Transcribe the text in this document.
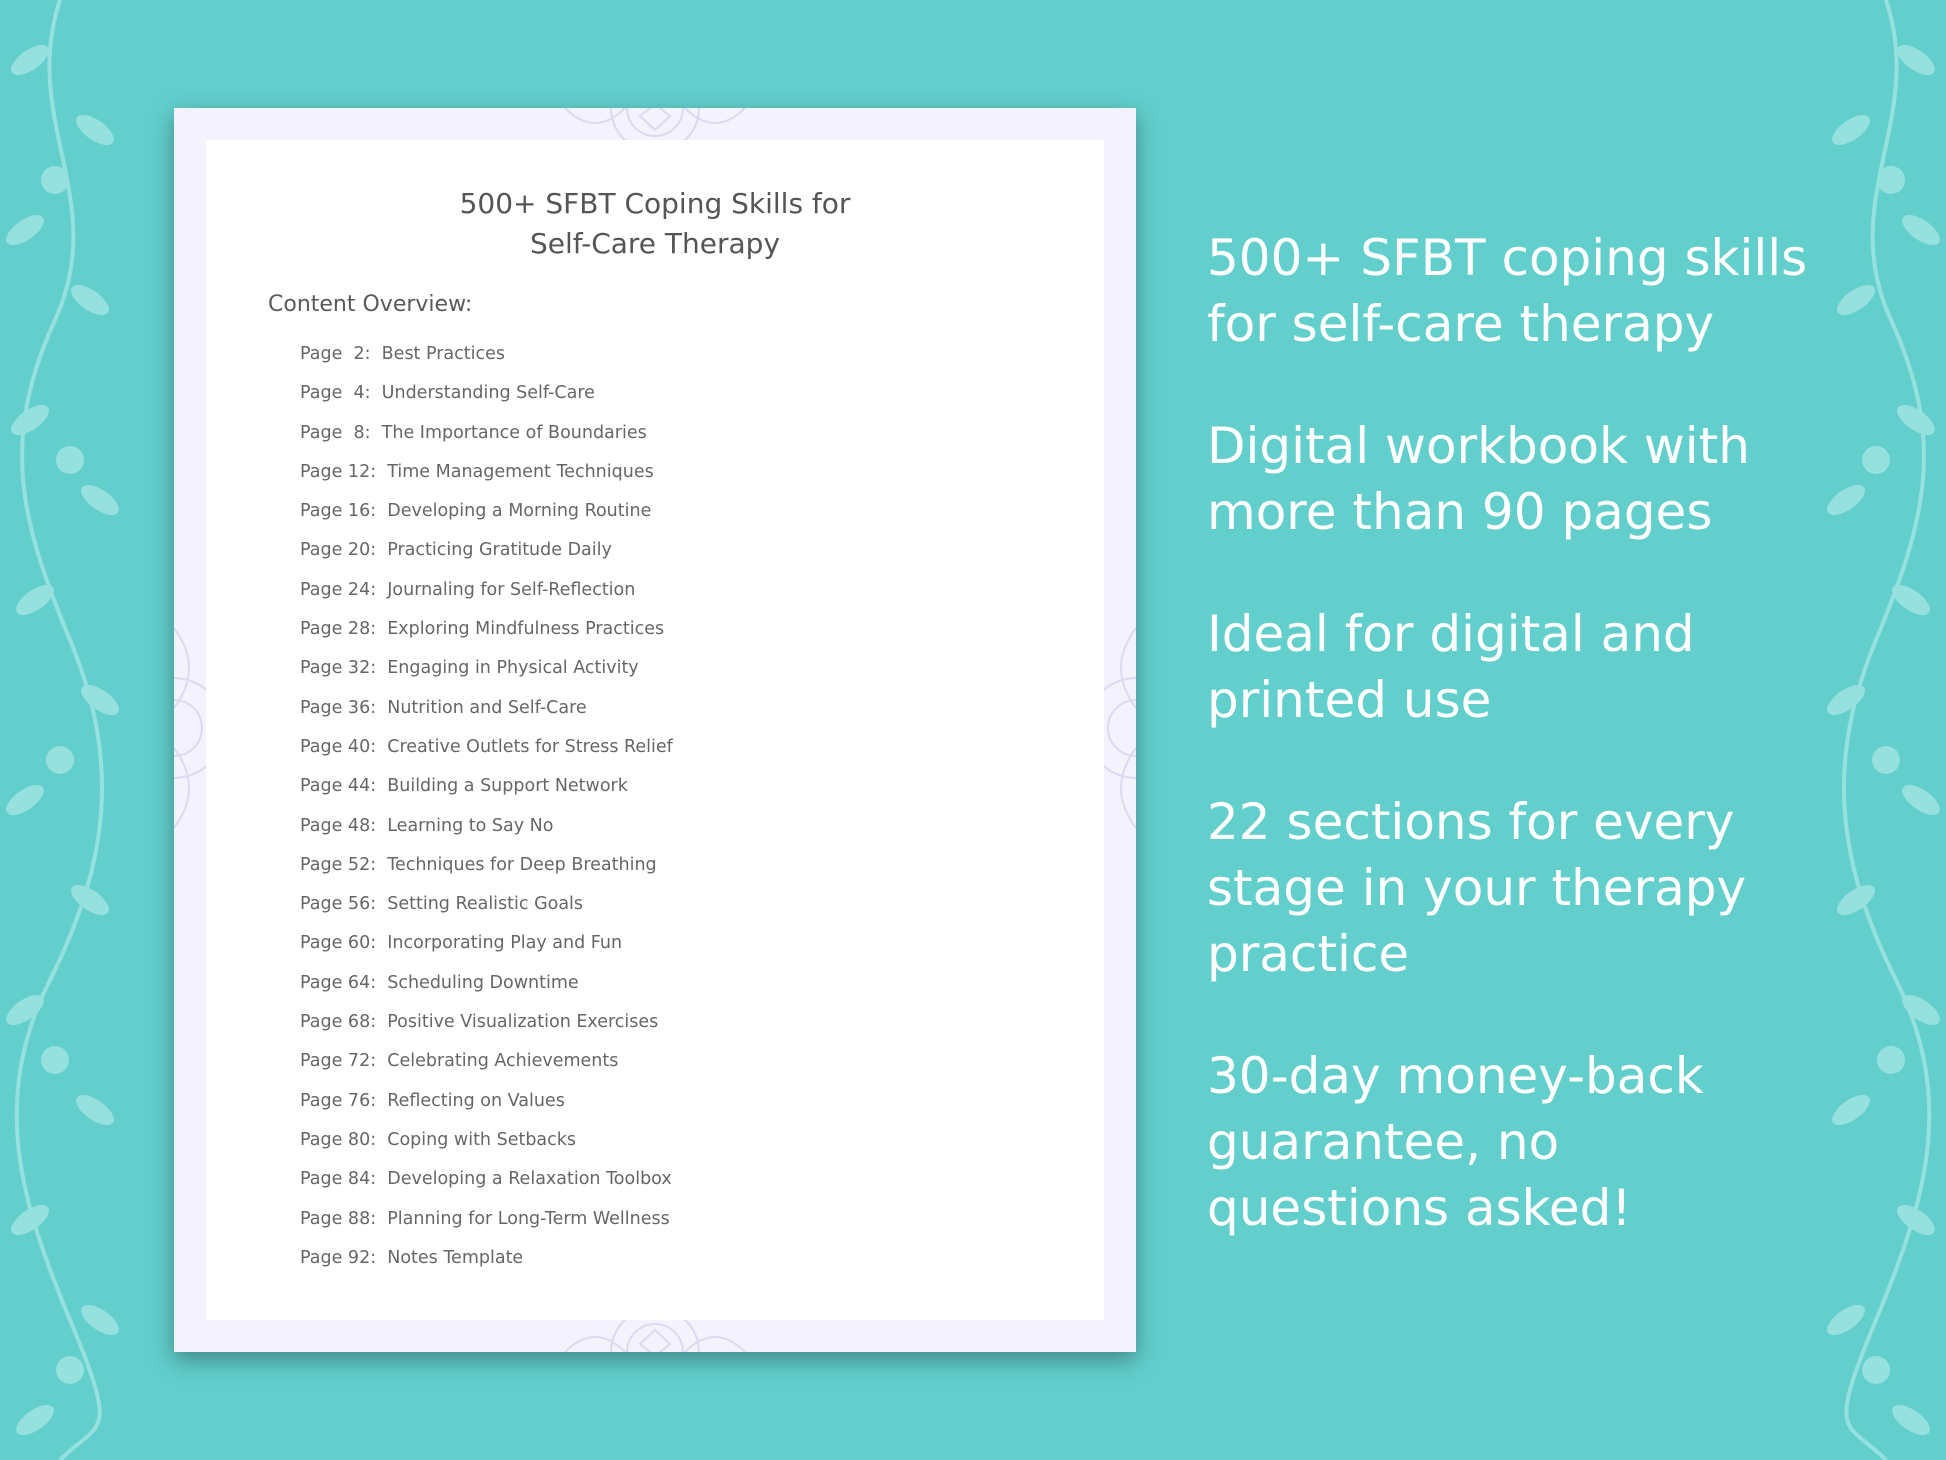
500+ SFBT Coping Skills for
Self-Care Therapy
Content Overview:
Page  2:
Best Practices
Page  4:
Understanding Self-Care
Page  8:
The Importance of Boundaries
Page 12:
Time Management Techniques
Page 16:
Developing a Morning Routine
Page 20:
Practicing Gratitude Daily
Page 24:
Journaling for Self-Reflection
Page 28:
Exploring Mindfulness Practices
Page 32:
Engaging in Physical Activity
Page 36:
Nutrition and Self-Care
Page 40:
Creative Outlets for Stress Relief
Page 44:
Building a Support Network
Page 48:
Learning to Say No
Page 52:
Techniques for Deep Breathing
Page 56:
Setting Realistic Goals
Page 60:
Incorporating Play and Fun
Page 64:
Scheduling Downtime
Page 68:
Positive Visualization Exercises
Page 72:
Celebrating Achievements
Page 76:
Reflecting on Values
Page 80:
Coping with Setbacks
Page 84:
Developing a Relaxation Toolbox
Page 88:
Planning for Long-Term Wellness
Page 92:
Notes Template
500+ SFBT coping skills
for self-care therapy
Digital workbook with
more than 90 pages
Ideal for digital and
printed use
22 sections for every
stage in your therapy
practice
30-day money-back
guarantee, no
questions asked!
